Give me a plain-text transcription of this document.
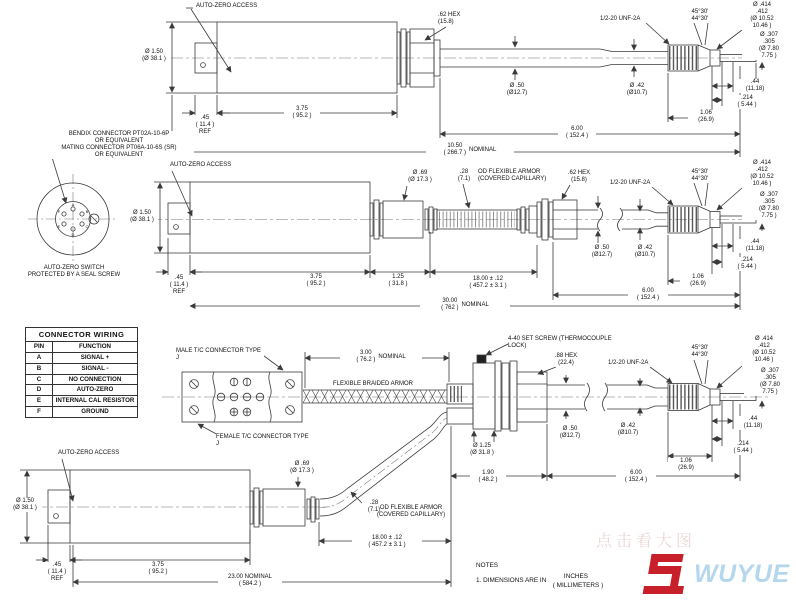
A
B
C
D
E
F
AUTO-ZERO ACCESS
Ø 1.50
(Ø 38.1 )
.45
( 11.4 )
REF
3.75
( 95.2 )
.62 HEX
(15.8)
1/2-20 UNF-2A
Ø .50
(Ø12.7)
Ø .42
(Ø10.7)
45°30'
44°30'
Ø .414
.412
(Ø 10.52
10.46 )
Ø .307
.305
(Ø 7.80
7.75 )
.44
(11.18)
.214
( 5.44 )
1.06
(26.9)
6.00
( 152.4 )
10.50
( 266.7 )
NOMINAL
BENDIX CONNECTOR PT02A-10-6P
OR EQUIVALENT
MATING CONNECTOR PT06A-10-6S (SR)
OR EQUIVALENT
AUTO-ZERO SWITCH
PROTECTED BY A SEAL SCREW
AUTO-ZERO ACCESS
Ø 1.50
(Ø 38.1 )
Ø .69
(Ø 17.3 )
.28
(7.1)
OD FLEXIBLE ARMOR
(COVERED CAPILLARY)
.62 HEX
(15.8)	1/2-20 UNF-2A
45°30'
44°30'
Ø .414
.412
(Ø 10.52
10.46 )
Ø .307
.305
(Ø 7.80
7.75 )
Ø .50
(Ø12.7)
Ø .42
(Ø10.7)
.44
(11.18)
.214
( 5.44 )
1.06
(26.9)
6.00
( 152.4 )
.45
( 11.4 )
REF
3.75
( 95.2 )
1.25
( 31.8 )
18.00 ± .12
( 457.2 ± 3.1 )
30.00
( 762 )
NOMINAL
CONNECTOR WIRING	
PIN	FUNCTION
A	SIGNAL +
B	SIGNAL -
C	NO CONNECTION
D	AUTO-ZERO
E	INTERNAL CAL RESISTOR
F	GROUND
MALE T/C CONNECTOR TYPE J
FEMALE T/C CONNECTOR TYPE J
3.00
( 76.2 )
NOMINAL
FLEXIBLE BRAIDED ARMOR
4-40 SET SCREW (THERMOCOUPLE LOCK)
.88 HEX
(22.4)	1/2-20 UNF-2A
45°30'
44°30'
Ø .414
.412
(Ø 10.52
10.46 )
Ø .307
.305
(Ø 7.80
7.75 )
Ø .50
(Ø12.7)
Ø .42
(Ø10.7)
Ø 1.25
(Ø 31.8 )
1.90
( 48.2 )
6.00
( 152.4 )
.44
(11.18)
.214
( 5.44 )
1.06
(26.9)
AUTO-ZERO ACCESS
Ø 1.50
(Ø 38.1 )
Ø .69
(Ø 17.3 )
.28
(7.1) OD FLEXIBLE ARMOR
(COVERED CAPILLARY)
18.00 ± .12
( 457.2 ± 3.1 )
.45
( 11.4 )
REF
3.75
( 95.2 )
23.00 NOMINAL
( 584.2 )
NOTES
1. DIMENSIONS ARE IN
INCHES
( MILLIMETERS )
点击看大图
WUYUE
